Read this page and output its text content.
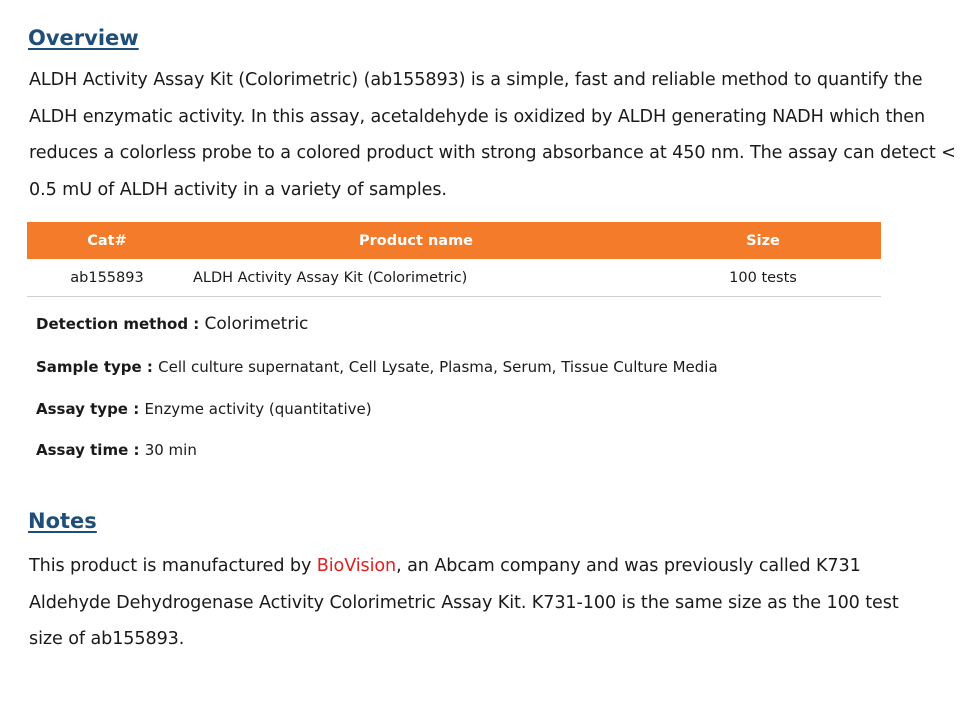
Overview

ALDH Activity Assay Kit (Colorimetric) (ab155893) is a simple, fast and reliable method to quantify the ALDH enzymatic activity. In this assay, acetaldehyde is oxidized by ALDH generating NADH which then reduces a colorless probe to a colored product with strong absorbance at 450 nm. The assay can detect < 0.5 mU of ALDH activity in a variety of samples.

Cat#	Product name	Size
ab155893	ALDH Activity Assay Kit (Colorimetric)	100 tests

Detection method : Colorimetric

Sample type : Cell culture supernatant, Cell Lysate, Plasma, Serum, Tissue Culture Media

Assay type : Enzyme activity (quantitative)

Assay time : 30 min

Notes

This product is manufactured by BioVision, an Abcam company and was previously called K731 Aldehyde Dehydrogenase Activity Colorimetric Assay Kit. K731-100 is the same size as the 100 test size of ab155893.
